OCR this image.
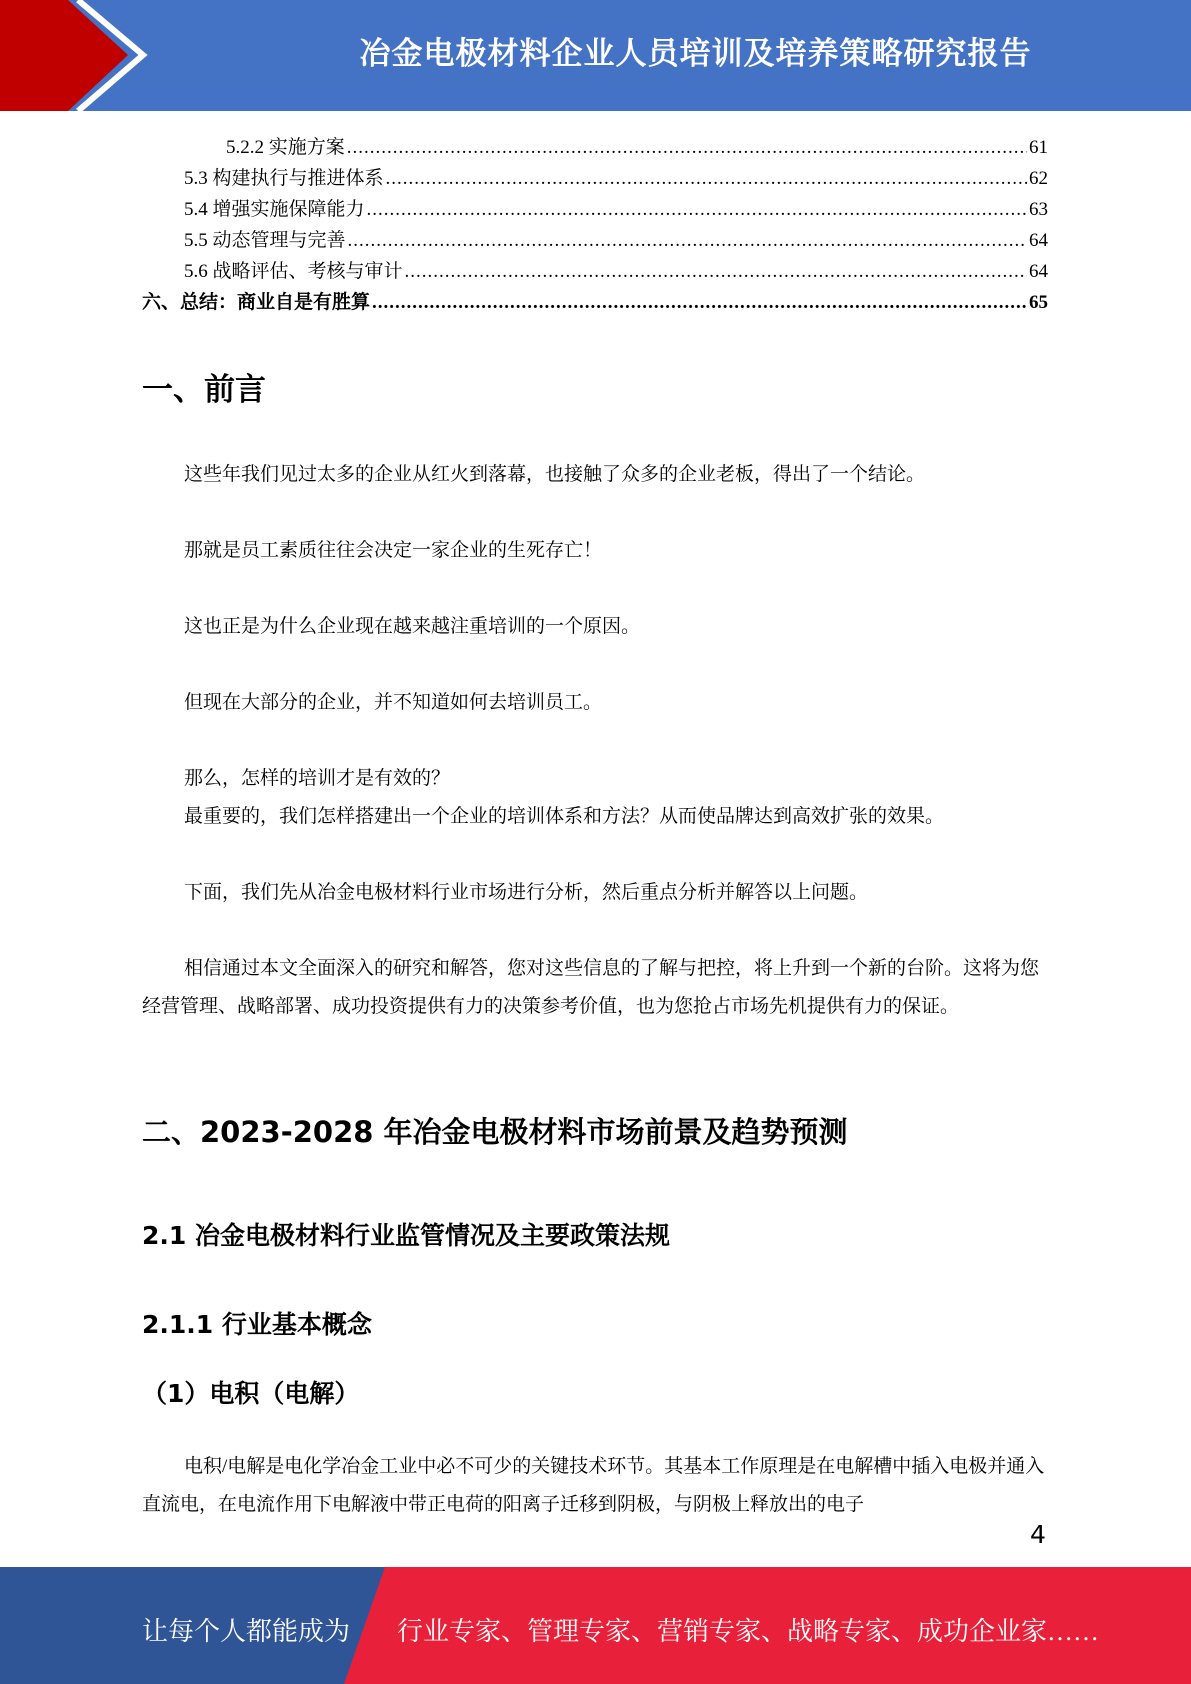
冶金电极材料企业人员培训及培养策略研究报告
5.2.2 实施方案 .....	61
5.3 构建执行与推进体系 .....	62
5.4 增强实施保障能力 .....	63
5.5 动态管理与完善 .....	64
5.6 战略评估、考核与审计 .....	64
六、总结：商业自是有胜算 .....	65
一、前言

这些年我们见过太多的企业从红火到落幕，也接触了众多的企业老板，得出了一个结论。

那就是员工素质往往会决定一家企业的生死存亡！

这也正是为什么企业现在越来越注重培训的一个原因。

但现在大部分的企业，并不知道如何去培训员工。

那么，怎样的培训才是有效的？

最重要的，我们怎样搭建出一个企业的培训体系和方法？从而使品牌达到高效扩张的效果。

下面，我们先从冶金电极材料行业市场进行分析，然后重点分析并解答以上问题。

相信通过本文全面深入的研究和解答，您对这些信息的了解与把控，将上升到一个新的台阶。这将为您经营管理、战略部署、成功投资提供有力的决策参考价值，也为您抢占市场先机提供有力的保证。

二、2023-2028 年冶金电极材料市场前景及趋势预测
2.1 冶金电极材料行业监管情况及主要政策法规
2.1.1 行业基本概念
（1）电积（电解）

电积/电解是电化学冶金工业中必不可少的关键技术环节。其基本工作原理是在电解槽中插入电极并通入直流电，在电流作用下电解液中带正电荷的阳离子迁移到阴极，与阴极上释放出的电子

4
让每个人都能成为 行业专家、管理专家、营销专家、战略专家、成功企业家……
